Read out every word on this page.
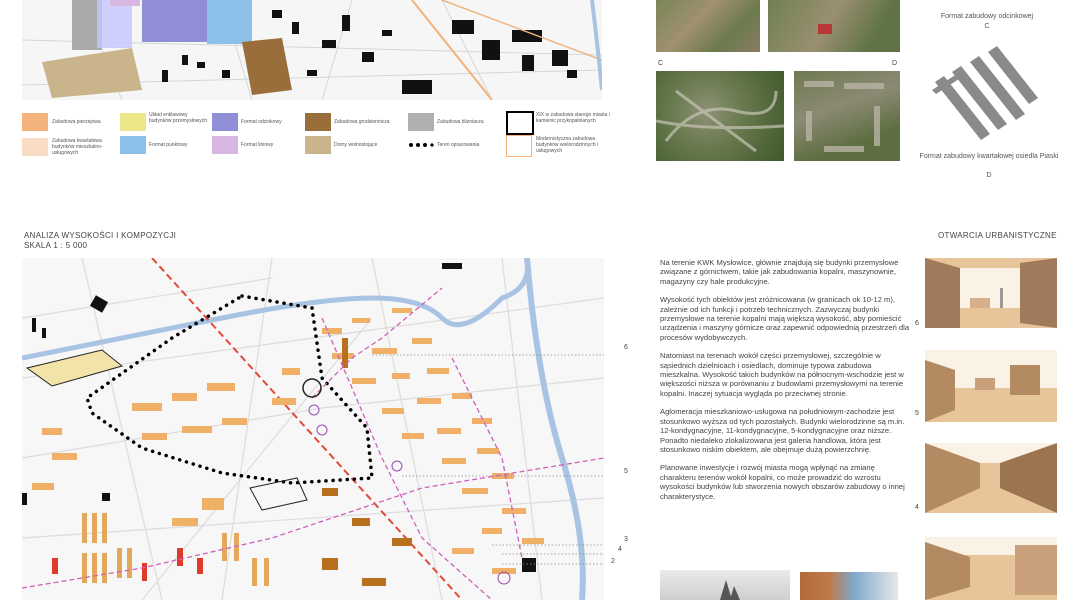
Zabudowa pierzejowa
Zabudowa kwartałowa budynków mieszkalno-usługowych
Układ enklawowy budynków przemysłowych
Format punktowy
Format odcinkowy
Format liniowy
Zabudowa grodziennicza
Domy wolnostojące
Zabudowa blizniacza
Teren opracowania
XIX w zabudowa starego miasta i kamienic przykopalnianych
Modernistyczna zabudowa budynków wielorodzinnych i usługowych
C	D
Format zabudowy odcinkowej
C
Format zabudowy kwartałowej osiedla Piaski
D
ANALIZA WYSOKOŚCI I KOMPOZYCJI
SKALA 1 : 5 000
6
5
3
4
2

Na terenie KWK Mysłowice, głównie znajdują się budynki przemysłowe związane z górnictwem, takie jak zabudowania kopalni, maszynownie, magazyny czy hale produkcyjne.

Wysokość tych obiektów jest zróżnicowana (w granicach ok 10-12 m), zależnie od ich funkcji i potrzeb technicznych. Zazwyczaj budynki przemysłowe na terenie kopalni mają większą wysokość, aby pomieścić urządzenia i maszyny górnicze oraz zapewnić odpowiednią przestrzeń dla procesów wydobywczych.

Natomiast na terenach wokół części przemysłowej, szczególnie w sąsiednich dzielnicach i osiedlach, dominuje typowa zabudowa mieszkalna. Wysokość takich budynków na północnym-wschodzie jest w większości niższa w porównaniu z budowlami przemysłowymi na terenie kopalni. Inaczej sytuacja wygląda po przeciwnej stronie.

Aglomeracja mieszkaniowo-usługowa na południowym-zachodzie jest stosunkowo wyższa od tych pozostałych. Budynki wielorodzinne są m.in. 12-kondygnacyjne, 11-kondygnacyjne, 5-kondygnacyjne oraz niższe. Ponadto niedaleko zlokalizowana jest galeria handlowa, która jest stosunkowo niskim obiektem, ale obejmuje dużą powierzchnię.

Planowane inwestycje i rozwój miasta mogą wpłynąć na zmianę charakteru terenów wokół kopalni, co może prowadzić do wzrostu wysokości budynków lub stworzenia nowych obszarów zabudowy o innej charakterystyce.

OTWARCIA URBANISTYCZNE
6
5
4
